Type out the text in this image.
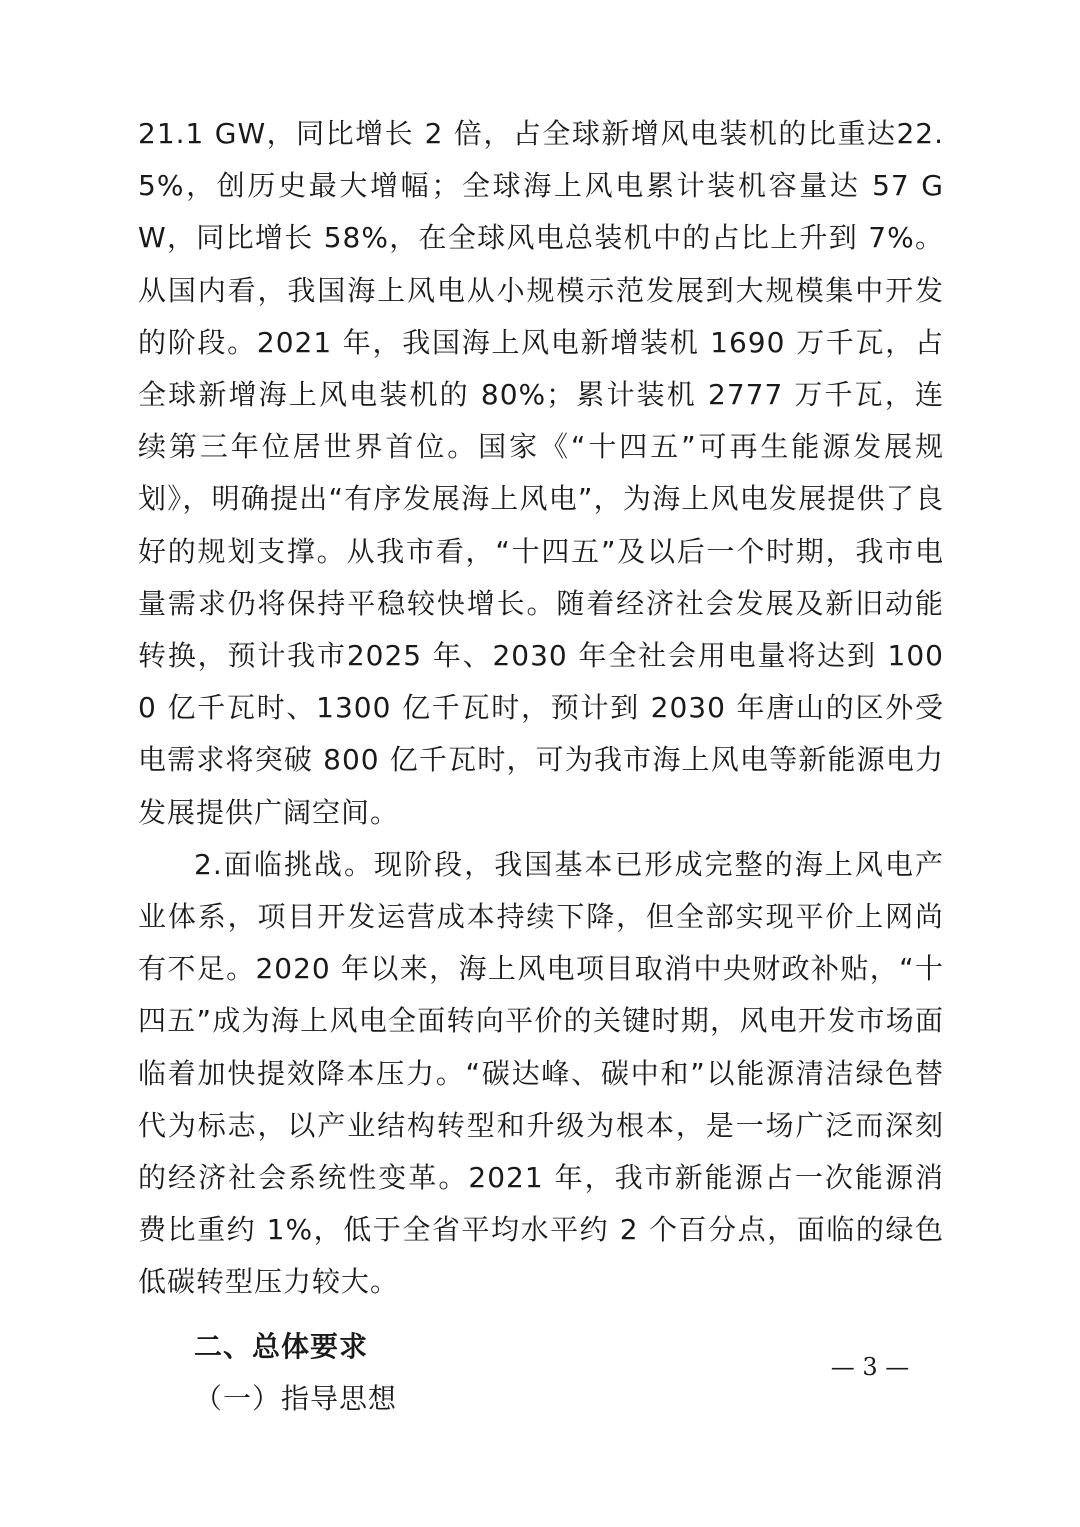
21.1 GW，同比增长 2 倍，占全球新增风电装机的比重达22.5%，创历史最大增幅；全球海上风电累计装机容量达 57 GW，同比增长 58%，在全球风电总装机中的占比上升到 7%。从国内看，我国海上风电从小规模示范发展到大规模集中开发的阶段。2021 年，我国海上风电新增装机 1690 万千瓦，占全球新增海上风电装机的 80%；累计装机 2777 万千瓦，连续第三年位居世界首位。国家《“十四五”可再生能源发展规划》，明确提出“有序发展海上风电”，为海上风电发展提供了良好的规划支撑。从我市看，“十四五”及以后一个时期，我市电量需求仍将保持平稳较快增长。随着经济社会发展及新旧动能转换，预计我市2025 年、2030 年全社会用电量将达到 1000 亿千瓦时、1300 亿千瓦时，预计到 2030 年唐山的区外受电需求将突破 800 亿千瓦时，可为我市海上风电等新能源电力发展提供广阔空间。

2.面临挑战。现阶段，我国基本已形成完整的海上风电产业体系，项目开发运营成本持续下降，但全部实现平价上网尚有不足。2020 年以来，海上风电项目取消中央财政补贴，“十四五”成为海上风电全面转向平价的关键时期，风电开发市场面临着加快提效降本压力。“碳达峰、碳中和”以能源清洁绿色替代为标志，以产业结构转型和升级为根本，是一场广泛而深刻的经济社会系统性变革。2021 年，我市新能源占一次能源消费比重约 1%，低于全省平均水平约 2 个百分点，面临的绿色低碳转型压力较大。

二、总体要求

（一）指导思想

— 3 —
